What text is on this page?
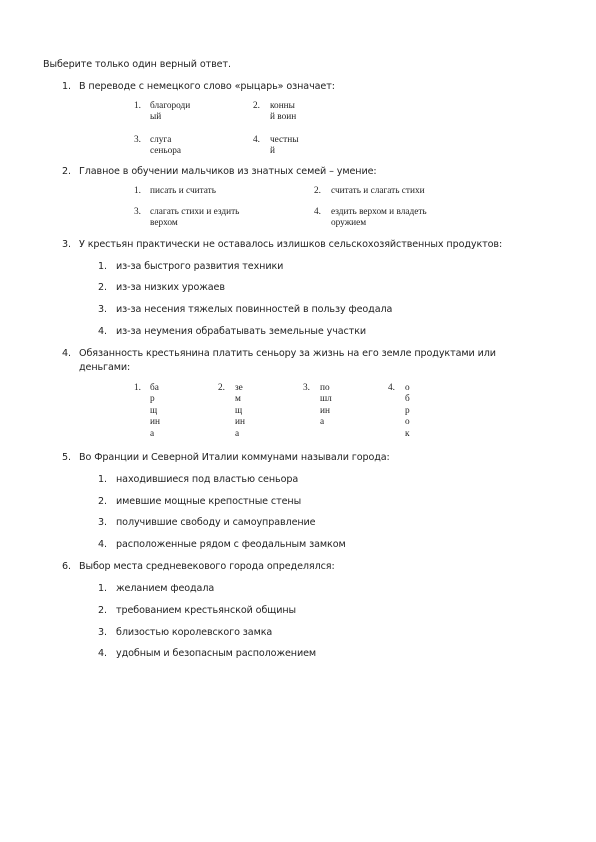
Выберите только один верный ответ.
1. В переводе с немецкого слово «рыцарь» означает:
1. благороди
ый
2. конны
й воин
3. слуга
сеньора
4. честны
й
2. Главное в обучении мальчиков из знатных семей – умение:
1. писать и считать	2. считать и слагать стихи
3. слагать стихи и ездить
верхом
4. ездить верхом и владеть
оружием
3. У крестьян практически не оставалось излишков сельскохозяйственных продуктов:
1. из-за быстрого развития техники
2. из-за низких урожаев
3. из-за несения тяжелых повинностей в пользу феодала
4. из-за неумения обрабатывать земельные участки
4. Обязанность крестьянина платить сеньору за жизнь на его земле продуктами или
деньгами:
1. ба
р
щ
ин
а
2. зе
м
щ
ин
а
3. по
шл
ин
а
4. о
б
р
о
к
5. Во Франции и Северной Италии коммунами называли города:
1. находившиеся под властью сеньора
2. имевшие мощные крепостные стены
3. получившие свободу и самоуправление
4. расположенные рядом с феодальным замком
6. Выбор места средневекового города определялся:
1. желанием феодала
2. требованием крестьянской общины
3. близостью королевского замка
4. удобным и безопасным расположением
